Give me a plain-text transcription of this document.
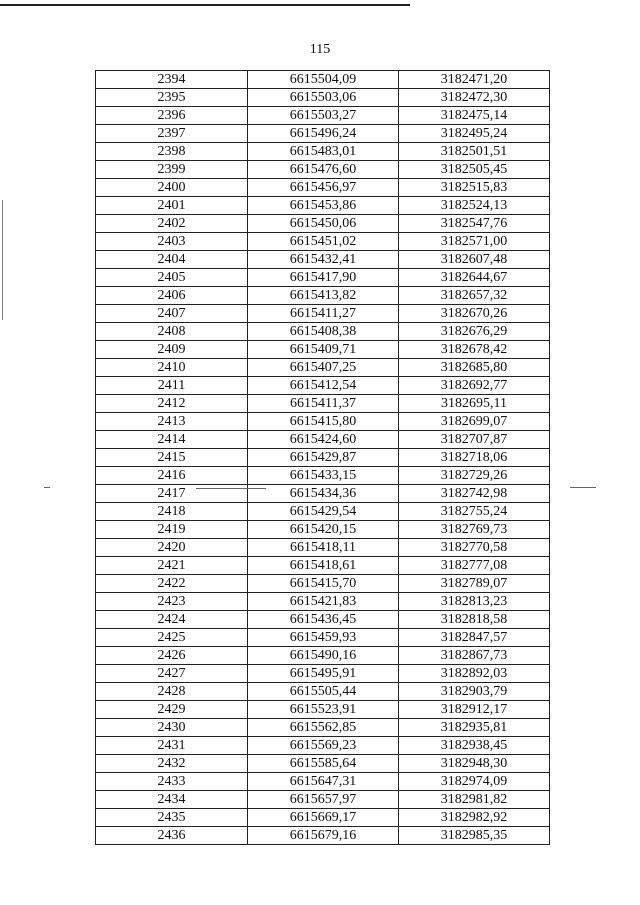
115
2394	6615504,09	3182471,20
2395	6615503,06	3182472,30
2396	6615503,27	3182475,14
2397	6615496,24	3182495,24
2398	6615483,01	3182501,51
2399	6615476,60	3182505,45
2400	6615456,97	3182515,83
2401	6615453,86	3182524,13
2402	6615450,06	3182547,76
2403	6615451,02	3182571,00
2404	6615432,41	3182607,48
2405	6615417,90	3182644,67
2406	6615413,82	3182657,32
2407	6615411,27	3182670,26
2408	6615408,38	3182676,29
2409	6615409,71	3182678,42
2410	6615407,25	3182685,80
2411	6615412,54	3182692,77
2412	6615411,37	3182695,11
2413	6615415,80	3182699,07
2414	6615424,60	3182707,87
2415	6615429,87	3182718,06
2416	6615433,15	3182729,26
2417	6615434,36	3182742,98
2418	6615429,54	3182755,24
2419	6615420,15	3182769,73
2420	6615418,11	3182770,58
2421	6615418,61	3182777,08
2422	6615415,70	3182789,07
2423	6615421,83	3182813,23
2424	6615436,45	3182818,58
2425	6615459,93	3182847,57
2426	6615490,16	3182867,73
2427	6615495,91	3182892,03
2428	6615505,44	3182903,79
2429	6615523,91	3182912,17
2430	6615562,85	3182935,81
2431	6615569,23	3182938,45
2432	6615585,64	3182948,30
2433	6615647,31	3182974,09
2434	6615657,97	3182981,82
2435	6615669,17	3182982,92
2436	6615679,16	3182985,35
